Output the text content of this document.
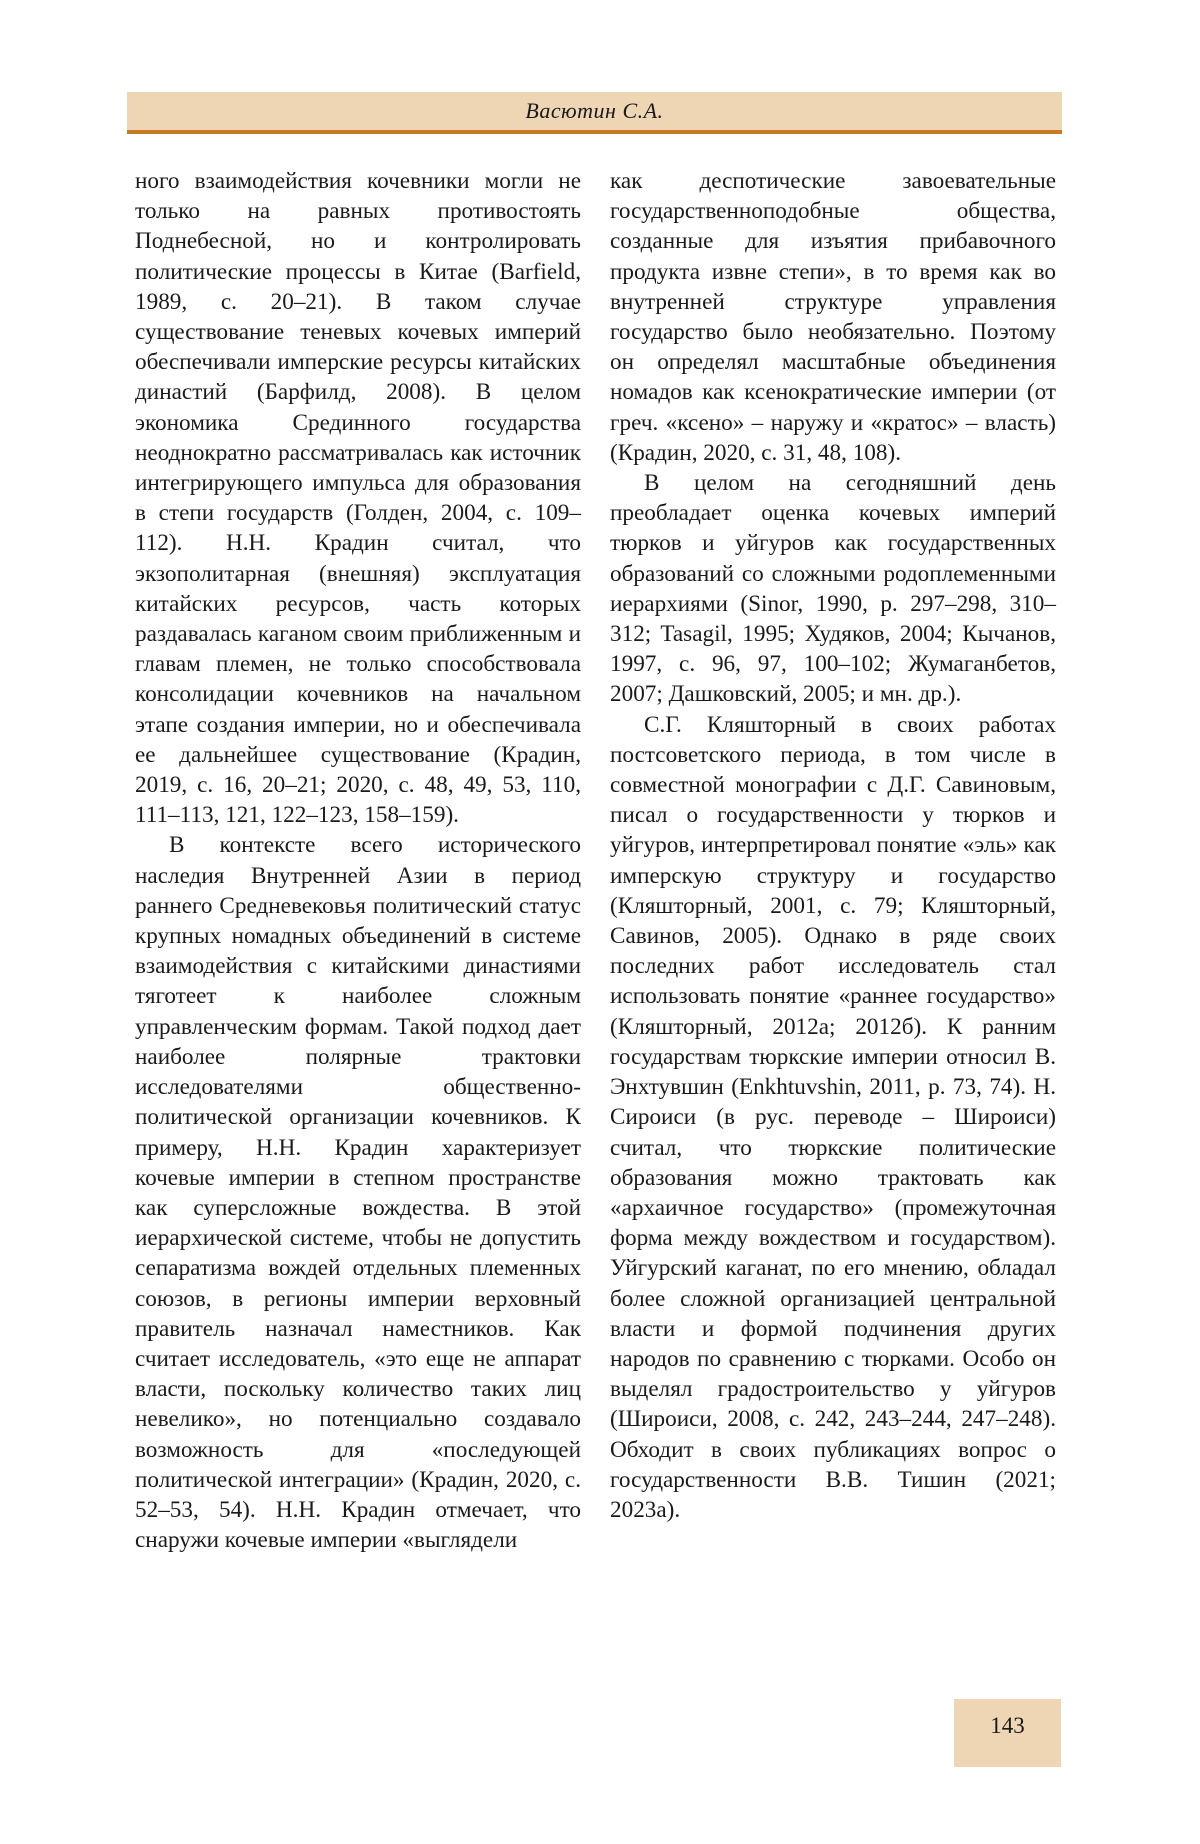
Васютин С.А.

ного взаимодействия кочевники могли не только на равных противостоять Поднебесной, но и контролировать политические процессы в Китае (Barfield, 1989, с. 20–21). В таком случае существование теневых кочевых империй обеспечивали имперские ресурсы китайских династий (Барфилд, 2008). В целом экономика Срединного государства неоднократно рассматривалась как источник интегрирующего импульса для образования в степи государств (Голден, 2004, с. 109–112). Н.Н. Крадин считал, что экзополитарная (внешняя) эксплуатация китайских ресурсов, часть которых раздавалась каганом своим приближенным и главам племен, не только способствовала консолидации кочевников на начальном этапе создания империи, но и обеспечивала ее дальнейшее существование (Крадин, 2019, с. 16, 20–21; 2020, с. 48, 49, 53, 110, 111–113, 121, 122–123, 158–159).

В контексте всего исторического наследия Внутренней Азии в период раннего Средневековья политический статус крупных номадных объединений в системе взаимодействия с китайскими династиями тяготеет к наиболее сложным управленческим формам. Такой подход дает наиболее полярные трактовки исследователями общественно-политической организации кочевников. К примеру, Н.Н. Крадин характеризует кочевые империи в степном пространстве как суперсложные вождества. В этой иерархической системе, чтобы не допустить сепаратизма вождей отдельных племенных союзов, в регионы империи верховный правитель назначал наместников. Как считает исследователь, «это еще не аппарат власти, поскольку количество таких лиц невелико», но потенциально создавало возможность для «последующей политической интеграции» (Крадин, 2020, с. 52–53, 54). Н.Н. Крадин отмечает, что снаружи кочевые империи «выглядели

как деспотические завоевательные государственноподобные общества, созданные для изъятия прибавочного продукта извне степи», в то время как во внутренней структуре управления государство было необязательно. Поэтому он определял масштабные объединения номадов как ксенократические империи (от греч. «ксено» – наружу и «кратос» – власть) (Крадин, 2020, с. 31, 48, 108).

В целом на сегодняшний день преобладает оценка кочевых империй тюрков и уйгуров как государственных образований со сложными родоплеменными иерархиями (Sinor, 1990, p. 297–298, 310–312; Tasagil, 1995; Худяков, 2004; Кычанов, 1997, с. 96, 97, 100–102; Жумаганбетов, 2007; Дашковский, 2005; и мн. др.).

С.Г. Кляшторный в своих работах постсоветского периода, в том числе в совместной монографии с Д.Г. Савиновым, писал о государственности у тюрков и уйгуров, интерпретировал понятие «эль» как имперскую структуру и государство (Кляшторный, 2001, с. 79; Кляшторный, Савинов, 2005). Однако в ряде своих последних работ исследователь стал использовать понятие «раннее государство» (Кляшторный, 2012а; 2012б). К ранним государствам тюркские империи относил В. Энхтувшин (Enkhtuvshin, 2011, p. 73, 74). Н. Сироиси (в рус. переводе – Широиси) считал, что тюркские политические образования можно трактовать как «архаичное государство» (промежуточная форма между вождеством и государством). Уйгурский каганат, по его мнению, обладал более сложной организацией центральной власти и формой подчинения других народов по сравнению с тюрками. Особо он выделял градостроительство у уйгуров (Широиси, 2008, с. 242, 243–244, 247–248). Обходит в своих публикациях вопрос о государственности В.В. Тишин (2021; 2023а).

143
